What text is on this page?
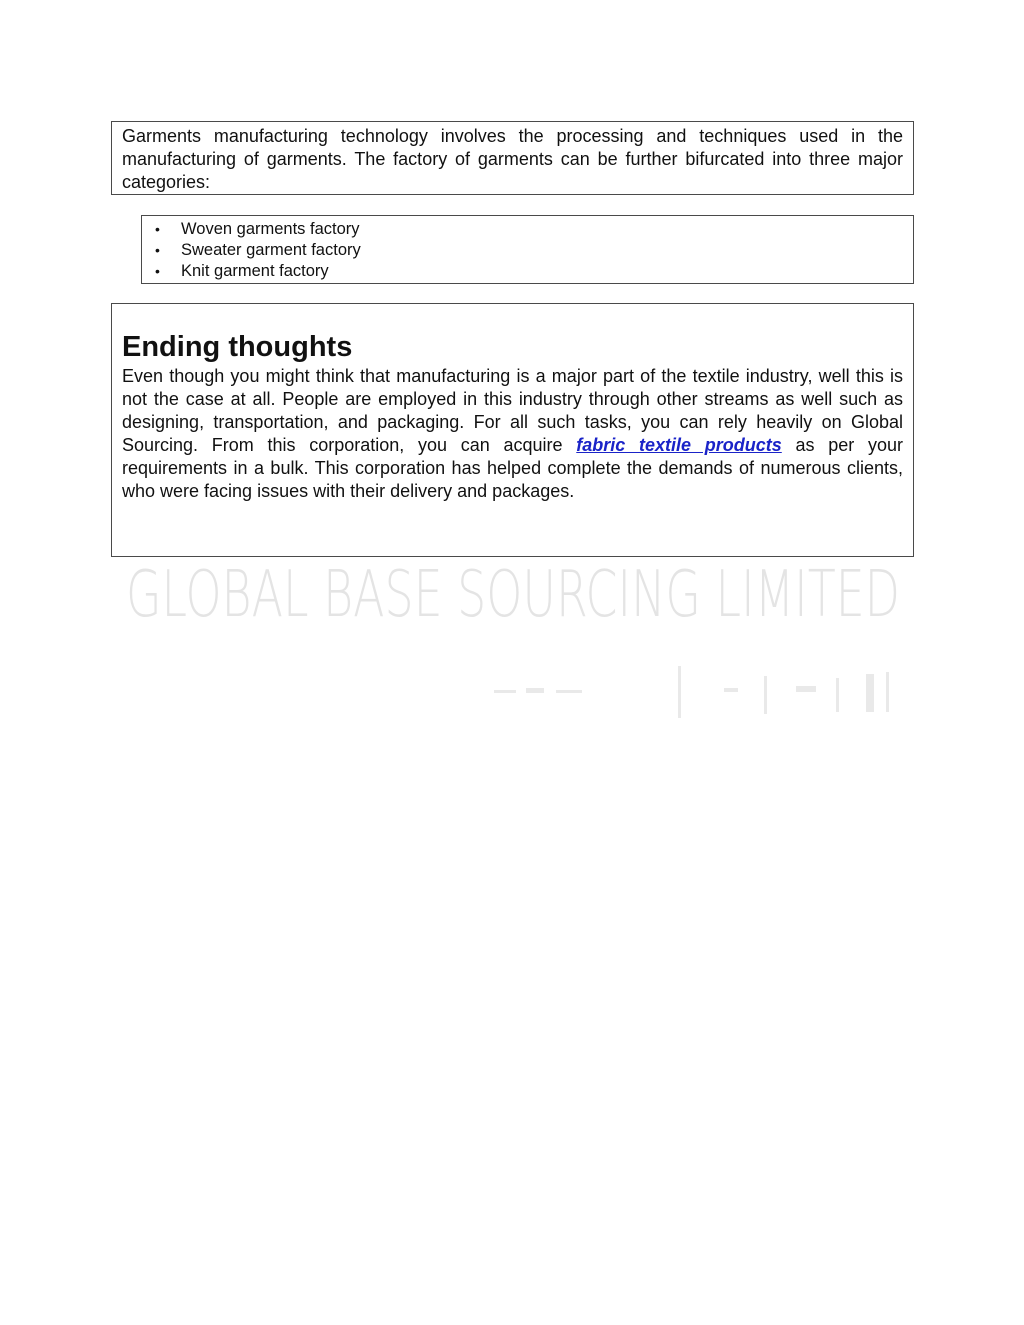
Garments manufacturing technology involves the processing and techniques used in the manufacturing of garments. The factory of garments can be further bifurcated into three major categories:

• Woven garments factory
• Sweater garment factory
• Knit garment factory
Ending thoughts

Even though you might think that manufacturing is a major part of the textile industry, well this is not the case at all. People are employed in this industry through other streams as well such as designing, transportation, and packaging. For all such tasks, you can rely heavily on Global Sourcing. From this corporation, you can acquire fabric textile products as per your requirements in a bulk. This corporation has helped complete the demands of numerous clients, who were facing issues with their delivery and packages.

GLOBAL BASE SOURCING LIMITED
